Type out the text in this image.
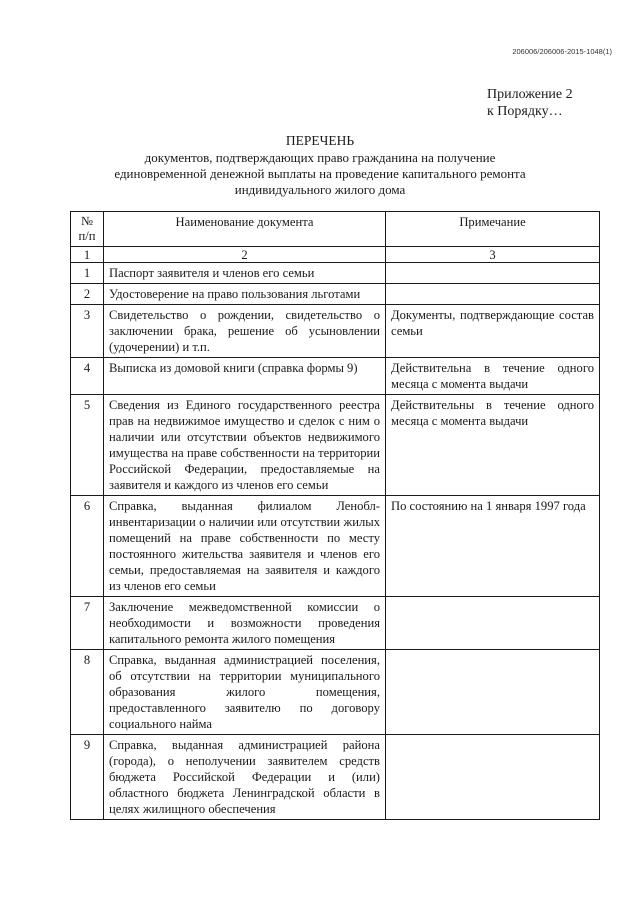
206006/206006-2015-1048(1)
Приложение 2
к Порядку…
ПЕРЕЧЕНЬ
документов, подтверждающих право гражданина на получение
единовременной денежной выплаты на проведение капитального ремонта
индивидуального жилого дома
№
п/п	Наименование документа	Примечание
1	2	3
1	Паспорт заявителя и членов его семьи	
2	Удостоверение на право пользования льготами	
3	Свидетельство о рождении, свидетельство о заключении брака, решение об усыновлении (удочерении) и т.п.	Документы, подтверждающие состав семьи
4	Выписка из домовой книги (справка формы 9)	Действительна в течение одного месяца с момента выдачи
5	Сведения из Единого государственного реестра прав на недвижимое имущество и сделок с ним о наличии или отсутствии объектов недвижимого имущества на праве собственности на территории Российской Федерации, предоставляемые на заявителя и каждого из членов его семьи	Действительны в течение одного месяца с момента выдачи
6	Справка, выданная филиалом Ленобл-инвентаризации о наличии или отсутствии жилых помещений на праве собственности по месту постоянного жительства заявителя и членов его семьи, предоставляемая на заявителя и каждого из членов его семьи	По состоянию на 1 января 1997 года
7	Заключение межведомственной комиссии о необходимости и возможности проведения капитального ремонта жилого помещения	
8	Справка, выданная администрацией поселения, об отсутствии на территории муниципального образования жилого помещения, предоставленного заявителю по договору социального найма	
9	Справка, выданная администрацией района (города), о неполучении заявителем средств бюджета Российской Федерации и (или) областного бюджета Ленинградской области в целях жилищного обеспечения	
